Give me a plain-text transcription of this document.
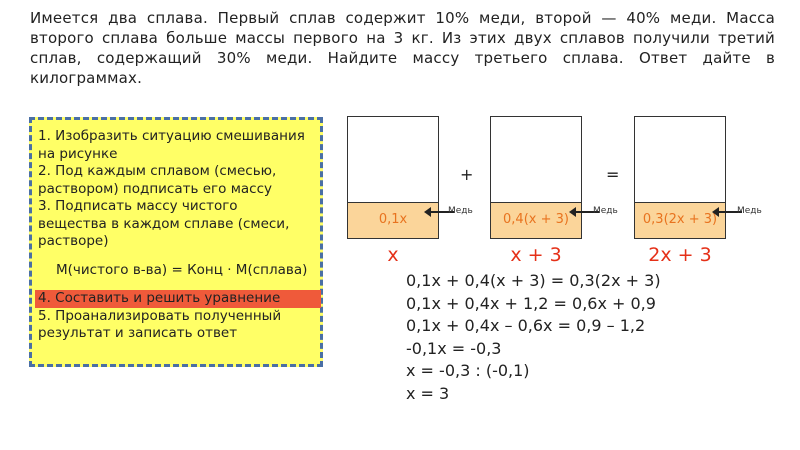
Имеется два сплава. Первый сплав содержит 10% меди, второй — 40% меди. Масса второго сплава больше массы первого на 3 кг. Из этих двух сплавов получили третий сплав, содержащий 30% меди. Найдите массу третьего сплава. Ответ дайте в килограммах.
1. Изобразить ситуацию смешивания
на рисунке
2. Под каждым сплавом (смесью,
раствором) подписать его массу
3. Подписать массу чистого
вещества в каждом сплаве (смеси,
растворе)
М(чистого в-ва) = Конц · М(сплава)
4. Составить и решить уравнение
5. Проанализировать полученный
результат и записать ответ
0,1x
Медь
x
+
0,4(x + 3)
Медь
x + 3
=
0,3(2x + 3)
Медь
2x + 3
0,1x + 0,4(x + 3) = 0,3(2x + 3)
0,1x + 0,4x + 1,2 = 0,6x + 0,9
0,1x + 0,4x – 0,6x = 0,9 – 1,2
-0,1x = -0,3
x = -0,3 : (-0,1)
x = 3
